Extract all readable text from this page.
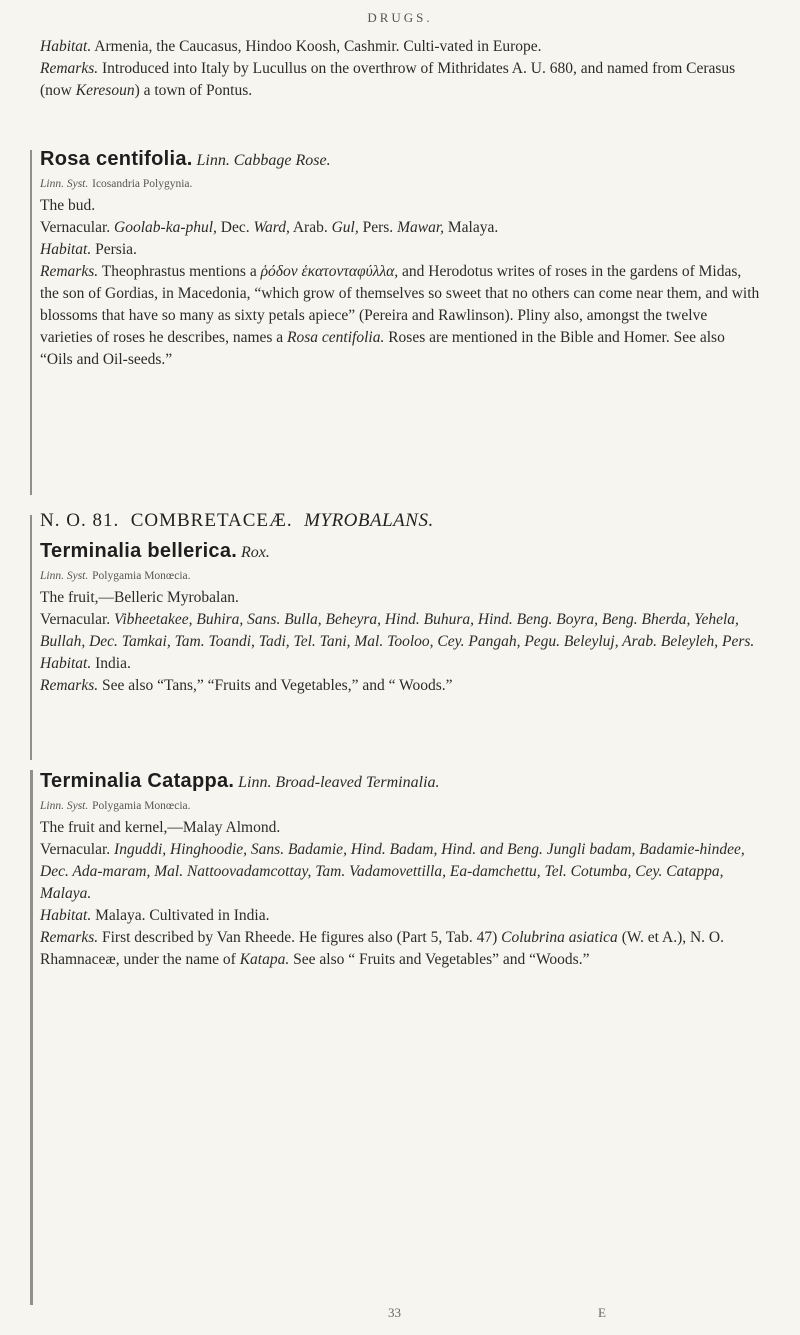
DRUGS.

Habitat. Armenia, the Caucasus, Hindoo Koosh, Cashmir. Culti-vated in Europe.

Remarks. Introduced into Italy by Lucullus on the overthrow of Mithridates A. U. 680, and named from Cerasus (now Keresoun) a town of Pontus.

Rosa centifolia. Linn. Cabbage Rose.

Linn. Syst. Icosandria Polygynia.

The bud.

Vernacular. Goolab-ka-phul, Dec. Ward, Arab. Gul, Pers. Mawar, Malaya.

Habitat. Persia.

Remarks. Theophrastus mentions a ῥόδον ἑκατονταφύλλα, and Herodotus writes of roses in the gardens of Midas, the son of Gordias, in Macedonia, “which grow of themselves so sweet that no others can come near them, and with blossoms that have so many as sixty petals apiece” (Pereira and Rawlinson). Pliny also, amongst the twelve varieties of roses he describes, names a Rosa centifolia. Roses are mentioned in the Bible and Homer. See also “Oils and Oil-seeds.”

N. O. 81. COMBRETACEÆ. MYROBALANS.
Terminalia bellerica. Rox.

Linn. Syst. Polygamia Monœcia.

The fruit,—Belleric Myrobalan.

Vernacular. Vibheetakee, Buhira, Sans. Bulla, Beheyra, Hind. Buhura, Hind. Beng. Boyra, Beng. Bherda, Yehela, Bullah, Dec. Tamkai, Tam. Toandi, Tadi, Tel. Tani, Mal. Tooloo, Cey. Pangah, Pegu. Beleyluj, Arab. Beleyleh, Pers.

Habitat. India.

Remarks. See also “Tans,” “Fruits and Vegetables,” and “ Woods.”

Terminalia Catappa. Linn. Broad-leaved Terminalia.

Linn. Syst. Polygamia Monœcia.

The fruit and kernel,—Malay Almond.

Vernacular. Inguddi, Hinghoodie, Sans. Badamie, Hind. Badam, Hind. and Beng. Jungli badam, Badamie-hindee, Dec. Ada-maram, Mal. Nattoovadamcottay, Tam. Vadamovettilla, Ea-damchettu, Tel. Cotumba, Cey. Catappa, Malaya.

Habitat. Malaya. Cultivated in India.

Remarks. First described by Van Rheede. He figures also (Part 5, Tab. 47) Colubrina asiatica (W. et A.), N. O. Rhamnaceæ, under the name of Katapa. See also “ Fruits and Vegetables” and “Woods.”

33	E
